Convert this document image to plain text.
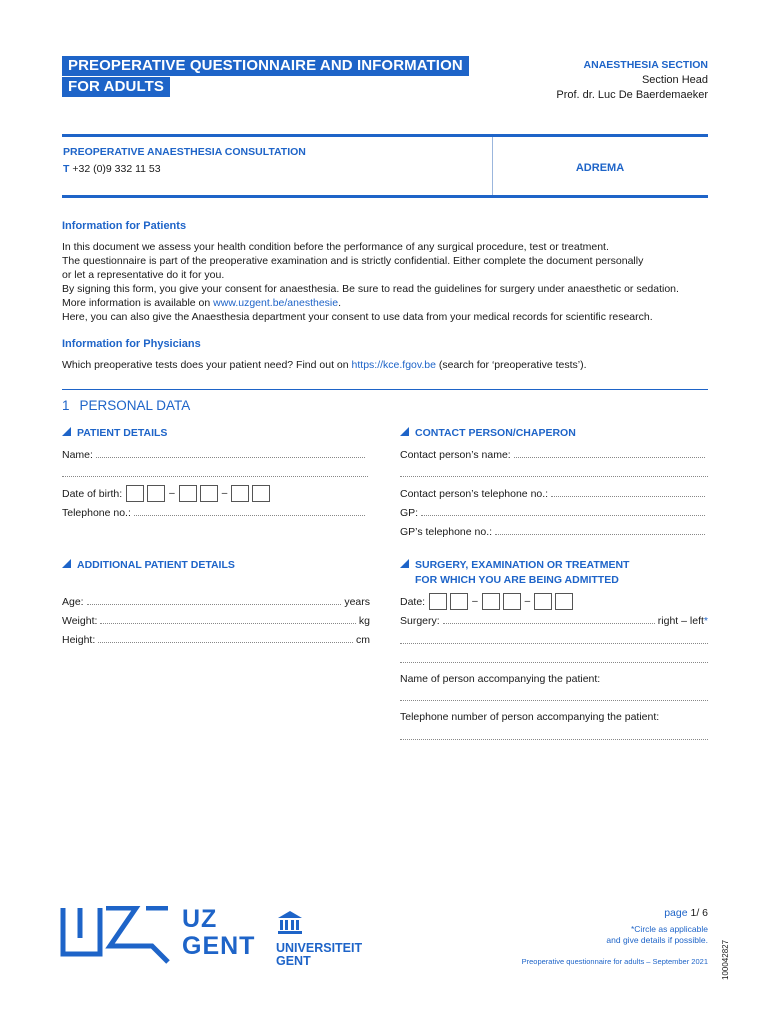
PREOPERATIVE QUESTIONNAIRE AND INFORMATION
FOR ADULTS
ANAESTHESIA SECTION
Section Head
Prof. dr. Luc De Baerdemaeker
PREOPERATIVE ANAESTHESIA CONSULTATION
T +32 (0)9 332 11 53	ADREMA
Information for Patients
In this document we assess your health condition before the performance of any surgical procedure, test or treatment.
The questionnaire is part of the preoperative examination and is strictly confidential. Either complete the document personally
or let a representative do it for you.
By signing this form, you give your consent for anaesthesia. Be sure to read the guidelines for surgery under anaesthetic or sedation.
More information is available on www.uzgent.be/anesthesie.
Here, you can also give the Anaesthesia department your consent to use data from your medical records for scientific research.
Information for Physicians
Which preoperative tests does your patient need? Find out on https://kce.fgov.be (search for ‘preoperative tests’).
1 PERSONAL DATA
PATIENT DETAILS
Name:
Date of birth:	–	–
Telephone no.:
CONTACT PERSON/CHAPERON
Contact person’s name:
Contact person’s telephone no.:
GP:
GP’s telephone no.:
ADDITIONAL PATIENT DETAILS
Age:	years
Weight:	kg
Height:	cm
SURGERY, EXAMINATION OR TREATMENT
FOR WHICH YOU ARE BEING ADMITTED
Date:	–	–
Surgery:	right – left*
Name of person accompanying the patient:
Telephone number of person accompanying the patient:
UZ
GENT UNIVERSITEIT
GENT
page 1/ 6
*Circle as applicable
and give details if possible.
Preoperative questionnaire for adults – September 2021 100042827
